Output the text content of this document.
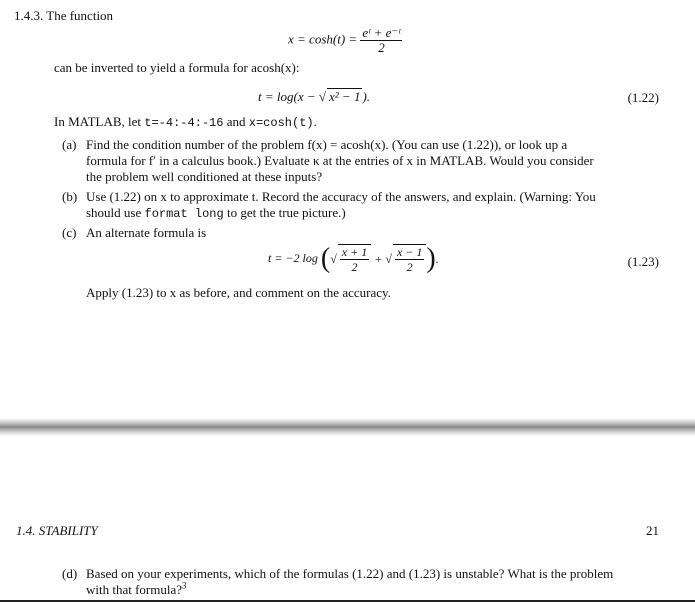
1.4.3. The function
$x = \cosh(t) = \frac{\text{eᵗ + e⁻ᵗ}}{2}$
can be inverted to yield a formula for acosh(x):
t = log(x − √ x² − 1 ).	(1.22)
In MATLAB, let t=-4:-4:-16 and x=cosh(t).
(a) Find the condition number of the problem f(x) = acosh(x). (You can use (1.22)), or look up a
formula for f′ in a calculus book.) Evaluate κ at the entries of x in MATLAB. Would you consider
the problem well conditioned at these inputs?
(b) Use (1.22) on x to approximate t. Record the accuracy of the answers, and explain. (Warning: You
should use format long to get the true picture.)
(c) An alternate formula is
t = −2 log (√ $\frac{x + 1}{2}$ + √ $\frac{x - 1}{2}$ ).	(1.23)
Apply (1.23) to x as before, and comment on the accuracy.
1.4. STABILITY	21
(d) Based on your experiments, which of the formulas (1.22) and (1.23) is unstable? What is the problem
with that formula?$^3$
